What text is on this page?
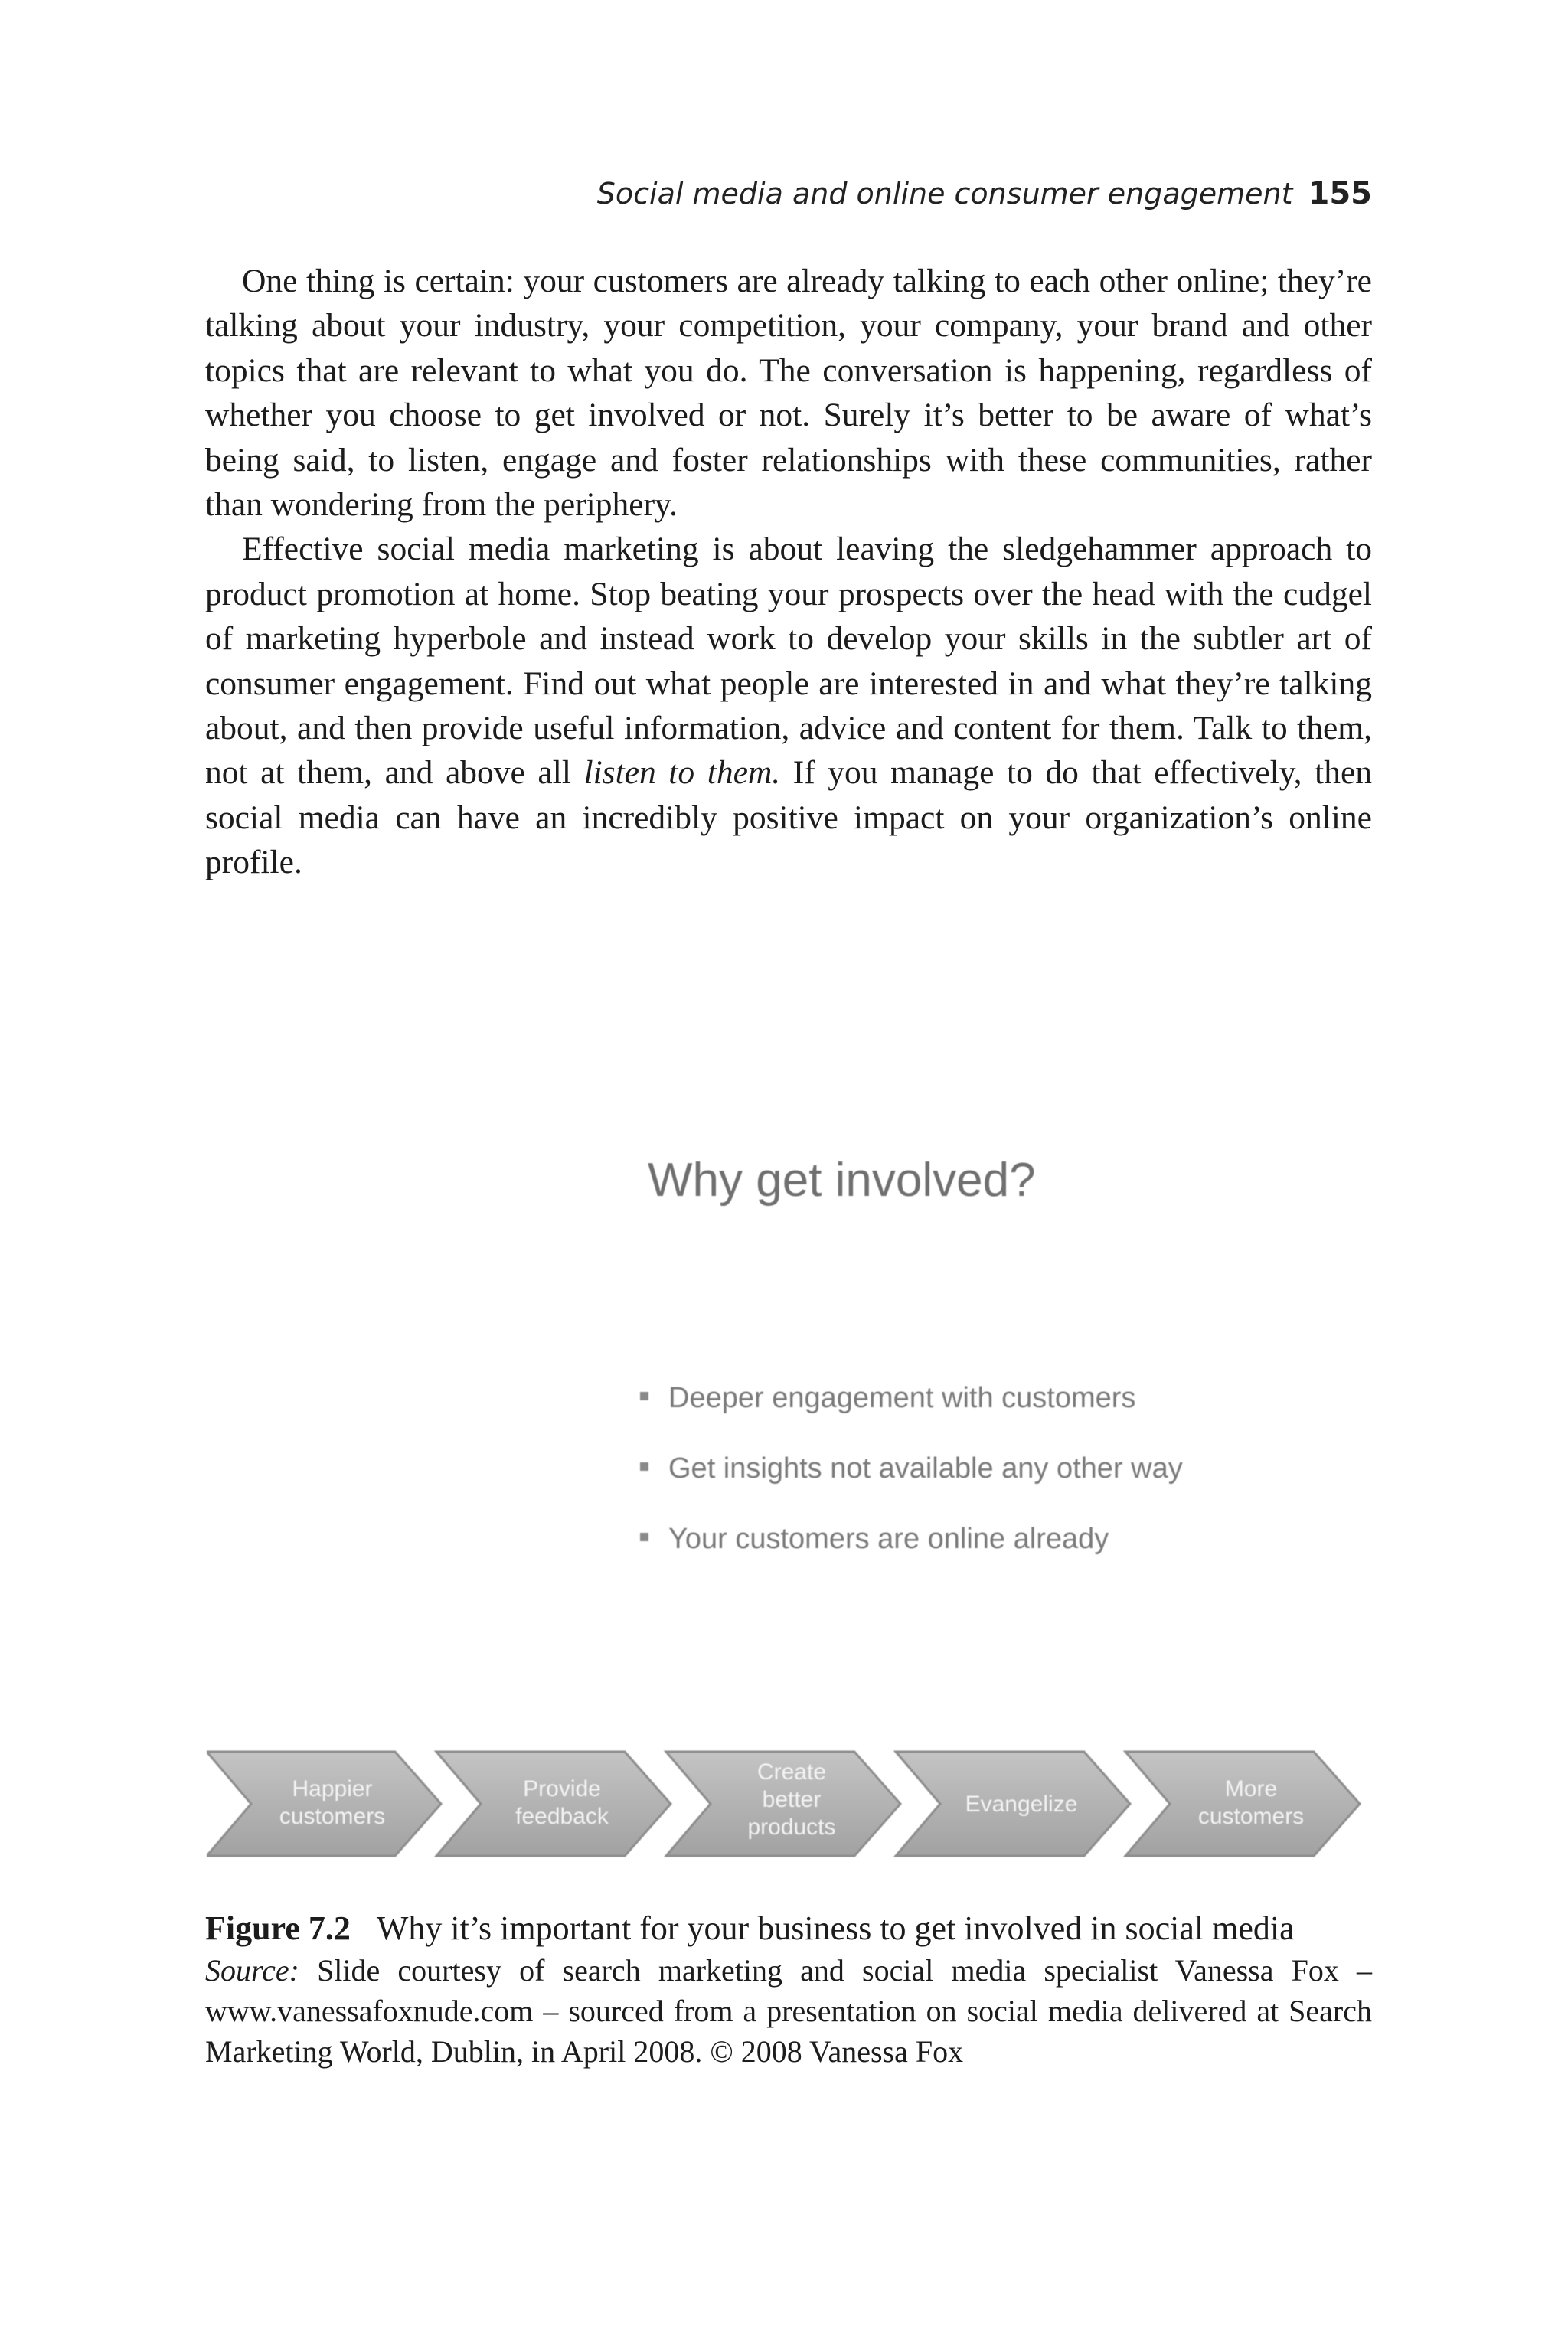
Social media and online consumer engagement 155

One thing is certain: your customers are already talking to each other online; they’re talking about your industry, your competition, your company, your brand and other topics that are relevant to what you do. The conversation is happening, regardless of whether you choose to get involved or not. Surely it’s better to be aware of what’s being said, to listen, engage and foster relationships with these communities, rather than wondering from the periphery.

Effective social media marketing is about leaving the sledgehammer approach to product promotion at home. Stop beating your prospects over the head with the cudgel of marketing hyperbole and instead work to develop your skills in the subtler art of consumer engagement. Find out what people are interested in and what they’re talking about, and then provide useful information, advice and content for them. Talk to them, not at them, and above all listen to them. If you manage to do that effectively, then social media can have an incredibly positive impact on your organization’s online profile.

Why get involved?
Deeper engagement with customers
Get insights not available any other way
Your customers are online already
Happier customers
Provide feedback
Create better products
Evangelize
More customers

Figure 7.2 Why it’s important for your business to get involved in social media

Source: Slide courtesy of search marketing and social media specialist Vanessa Fox – www.vanessafoxnude.com – sourced from a presentation on social media delivered at Search Marketing World, Dublin, in April 2008. © 2008 Vanessa Fox
